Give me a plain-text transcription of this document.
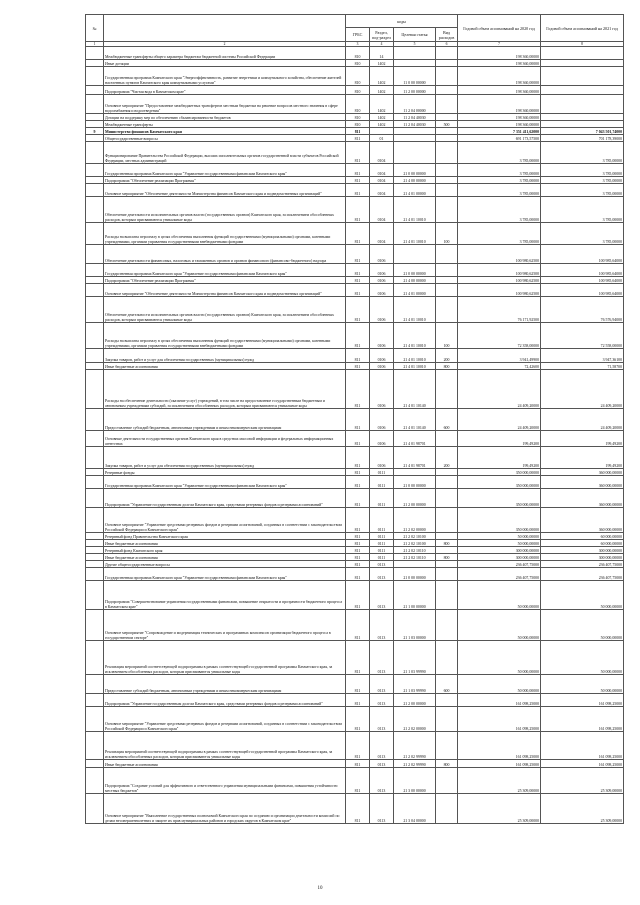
№		коды				Годовой объем ассигнований на 2020 год	Годовой объем ассигнований на 2021 год
		ГРБС	Раздел, под-раздел	Целевая статья	Вид расходов		
1	2	3	4	5	6	7	8
	Межбюджетные трансферты общего характера бюджетам бюджетной системы Российской Федерации	810	14			198 360,00000	
	Иные дотации	810	1402			198 360,00000	
	Государственная программа Камчатского края "Энергоэффективность, развитие энергетики и коммунального хозяйства, обеспечение жителей населенных пунктов Камчатского края коммунальными услугами"	810	1402	11 0 00 00000		198 360,00000	
	Подпрограмма "Чистая вода в Камчатском крае"	810	1402	11 2 00 00000		198 360,00000	
	Основное мероприятие "Предоставление межбюджетных трансфертов местным бюджетам на решение вопросов местного значения в сфере водоснабжения и водоотведения"	810	1402	11 2 04 00000		198 360,00000	
	Дотации на поддержку мер по обеспечению сбалансированности бюджетов	810	1402	11 2 04 40030		198 360,00000	
	Межбюджетные трансферты	810	1402	11 2 04 40030	500	198 360,00000	
9	Министерство финансов Камчатского края	811				7 351 411,62000	7 043 501,74000
	Общегосударственные вопросы	811	01			691 173,57500	701 178,39000
	Функционирование Правительства Российской Федерации, высших исполнительных органов государственной власти субъектов Российской Федерации, местных администраций	811	0104			3 785,00000	3 785,00000
	Государственная программа Камчатского края "Управление государственными финансами Камчатского края"	811	0104	21 0 00 00000		3 785,00000	3 785,00000
	Подпрограмма "Обеспечение реализации Программы"	811	0104	21 4 00 00000		3 785,00000	3 785,00000
	Основное мероприятие "Обеспечение деятельности Министерства финансов Камчатского края и подведомственных организаций"	811	0104	21 4 01 00000		3 785,00000	3 785,00000
	Обеспечение деятельности исполнительных органов власти (государственных органов) Камчатского края, за исключением обособленных расходов, которым присваиваются уникальные коды	811	0104	21 4 01 10010		3 785,00000	3 785,00000
	Расходы на выплаты персоналу в целях обеспечения выполнения функций государственными (муниципальными) органами, казенными учреждениями, органами управления государственными внебюджетными фондами	811	0104	21 4 01 10010	100	3 785,00000	3 785,00000
	Обеспечение деятельности финансовых, налоговых и таможенных органов и органов финансового (финансово-бюджетного) надзора	811	0106			100 980,62500	100 985,64000
	Государственная программа Камчатского края "Управление государственными финансами Камчатского края"	811	0106	21 0 00 00000		100 980,62500	100 985,64000
	Подпрограмма "Обеспечение реализации Программы"	811	0106	21 4 00 00000		100 980,62500	100 985,64000
	Основное мероприятие "Обеспечение деятельности Министерства финансов Камчатского края и подведомственных организаций"	811	0106	21 4 01 00000		100 980,62500	100 985,64000
	Обеспечение деятельности исполнительных органов власти (государственных органов) Камчатского края, за исключением обособленных расходов, которым присваиваются уникальные коды	811	0106	21 4 01 10010		76 171,92500	76 576,94000
	Расходы на выплаты персоналу в целях обеспечения выполнения функций государственными (муниципальными) органами, казенными учреждениями, органами управления государственными внебюджетными фондами	811	0106	21 4 01 10010	100	72 358,00000	72 558,00000
	Закупка товаров, работ и услуг для обеспечения государственных (муниципальных) нужд	811	0106	21 4 01 10010	200	3 941,49900	3 947,36100
	Иные бюджетные ассигнования	811	0106	21 4 01 10010	800	72,42600	71,58700
	Расходы на обеспечение деятельности (оказание услуг) учреждений, в том числе на предоставление государственным бюджетным и автономным учреждениям субсидий, за исключением обособленных расходов, которым присваиваются уникальные коды	811	0106	21 4 01 10140		24 409,20000	24 409,20000
	Предоставление субсидий бюджетным, автономным учреждениям и иным некоммерческим организациям	811	0106	21 4 01 10140	600	24 409,20000	24 409,20000
	Основные деятельности государственных органов Камчатского края в средствах массовой информации и федеральных информационных агентствах	811	0106	21 4 01 98701		199,49200	199,49200
	Закупка товаров, работ и услуг для обеспечения государственных (муниципальных) нужд	811	0106	21 4 01 98701	200	199,49200	199,49200
	Резервные фонды	811	0111			350 000,00000	360 000,00000
	Государственная программа Камчатского края "Управление государственными финансами Камчатского края"	811	0111	21 0 00 00000		350 000,00000	360 000,00000
	Подпрограмма "Управление государственным долгом Камчатского края, средствами резервных фондов и резервами ассигнований"	811	0111	21 2 00 00000		350 000,00000	360 000,00000
	Основное мероприятие "Управление средствами резервных фондов и резервами ассигнований, созданных в соответствии с законодательством Российской Федерации и Камчатского края"	811	0111	21 2 02 00000		350 000,00000	360 000,00000
	Резервный фонд Правительства Камчатского края	811	0111	21 2 02 10100		50 000,00000	60 000,00000
	Иные бюджетные ассигнования	811	0111	21 2 02 10100	800	50 000,00000	60 000,00000
	Резервный фонд Камчатского края	811	0111	21 2 02 10110		300 000,00000	300 000,00000
	Иные бюджетные ассигнования	811	0111	21 2 02 10110	800	300 000,00000	300 000,00000
	Другие общегосударственные вопросы	811	0113			236 407,75000	236 407,75000
	Государственная программа Камчатского края "Управление государственными финансами Камчатского края"	811	0113	21 0 00 00000		236 407,75000	236 407,75000
	Подпрограмма "Совершенствование управления государственными финансами, повышение открытости и прозрачности бюджетного процесса в Камчатском крае"	811	0113	21 1 00 00000		50 000,00000	50 000,00000
	Основное мероприятие "Сопровождение и модернизация технических и программных комплексов организации бюджетного процесса в государственном секторе"	811	0113	21 1 03 00000		50 000,00000	50 000,00000
	Реализация мероприятий соответствующей подпрограммы в рамках соответствующей государственной программы Камчатского края, за исключением обособленных расходов, которым присваиваются уникальные коды	811	0113	21 1 03 99990		50 000,00000	50 000,00000
	Предоставление субсидий бюджетным, автономным учреждениям и иным некоммерческим организациям	811	0113	21 1 03 99990	600	50 000,00000	50 000,00000
	Подпрограмма "Управление государственным долгом Камчатского края, средствами резервных фондов и резервами ассигнований"	811	0113	21 2 00 00000		161 098,25000	161 098,25000
	Основное мероприятие "Управление средствами резервных фондов и резервами ассигнований, созданных в соответствии с законодательством Российской Федерации и Камчатского края"	811	0113	21 2 02 00000		161 098,25000	161 098,25000
	Реализация мероприятий соответствующей подпрограммы в рамках соответствующей государственной программы Камчатского края, за исключением обособленных расходов, которым присваиваются уникальные коды	811	0113	21 2 02 99990		161 098,25000	161 098,25000
	Иные бюджетные ассигнования	811	0113	21 2 02 99990	800	161 098,25000	161 098,25000
	Подпрограмма "Создание условий для эффективного и ответственного управления муниципальными финансами, повышения устойчивости местных бюджетов"	811	0113	21 3 00 00000		25 309,00000	25 309,00000
	Основное мероприятие "Выполнение государственных полномочий Камчатского края по созданию и организации деятельности комиссий по делам несовершеннолетних и защите их прав муниципальных районов и городских округов в Камчатском крае"	811	0113	21 3 04 00000		25 309,00000	25 309,00000
10
